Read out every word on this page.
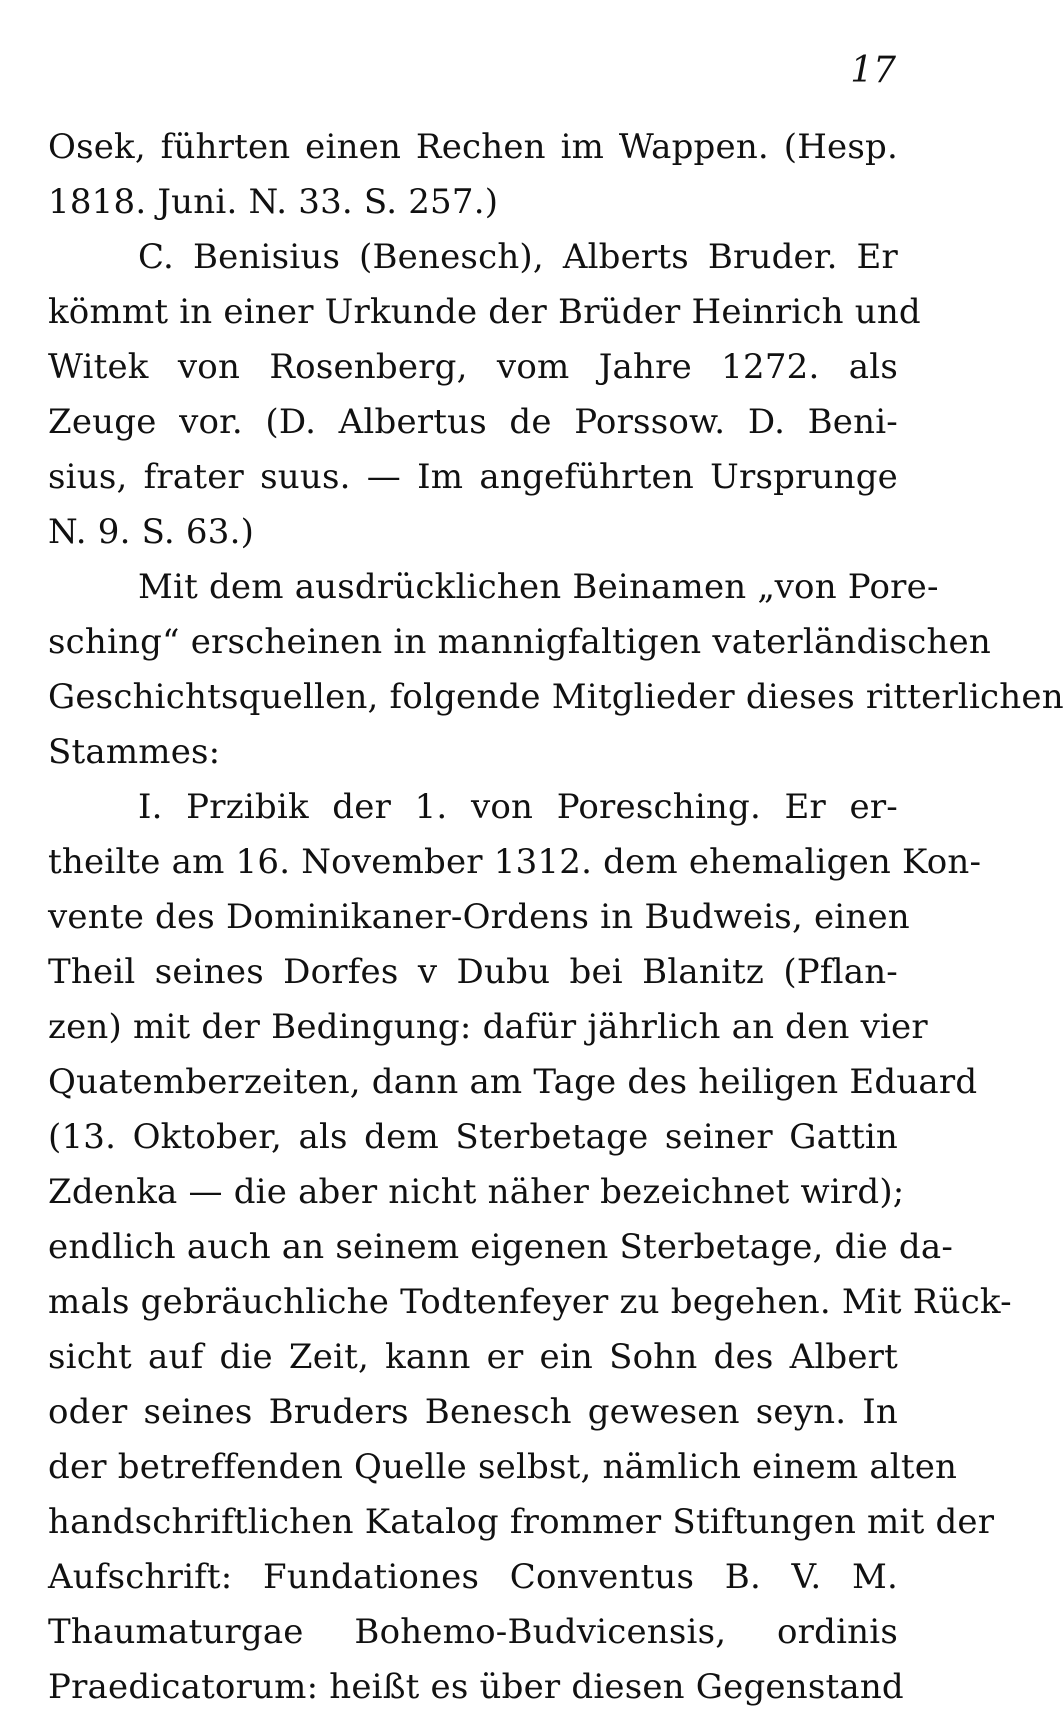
17
Osek, führten einen Rechen im Wappen. (Hesp.
1818. Juni. N. 33. S. 257.)
C. Benisius (Benesch), Alberts Bruder. Er
kömmt in einer Urkunde der Brüder Heinrich und
Witek von Rosenberg, vom Jahre 1272. als
Zeuge vor. (D. Albertus de Porssow. D. Beni-
sius, frater suus. — Im angeführten Ursprunge
N. 9. S. 63.)
Mit dem ausdrücklichen Beinamen „von Pore-
sching“ erscheinen in mannigfaltigen vaterländischen
Geschichtsquellen, folgende Mitglieder dieses ritterlichen
Stammes:
I. Przibik der 1. von Poresching. Er er-
theilte am 16. November 1312. dem ehemaligen Kon-
vente des Dominikaner-Ordens in Budweis, einen
Theil seines Dorfes v Dubu bei Blanitz (Pflan-
zen) mit der Bedingung: dafür jährlich an den vier
Quatemberzeiten, dann am Tage des heiligen Eduard
(13. Oktober, als dem Sterbetage seiner Gattin
Zdenka — die aber nicht näher bezeichnet wird);
endlich auch an seinem eigenen Sterbetage, die da-
mals gebräuchliche Todtenfeyer zu begehen. Mit Rück-
sicht auf die Zeit, kann er ein Sohn des Albert
oder seines Bruders Benesch gewesen seyn. In
der betreffenden Quelle selbst, nämlich einem alten
handschriftlichen Katalog frommer Stiftungen mit der
Aufschrift: Fundationes Conventus B. V. M.
Thaumaturgae Bohemo-Budvicensis, ordinis
Praedicatorum: heißt es über diesen Gegenstand
